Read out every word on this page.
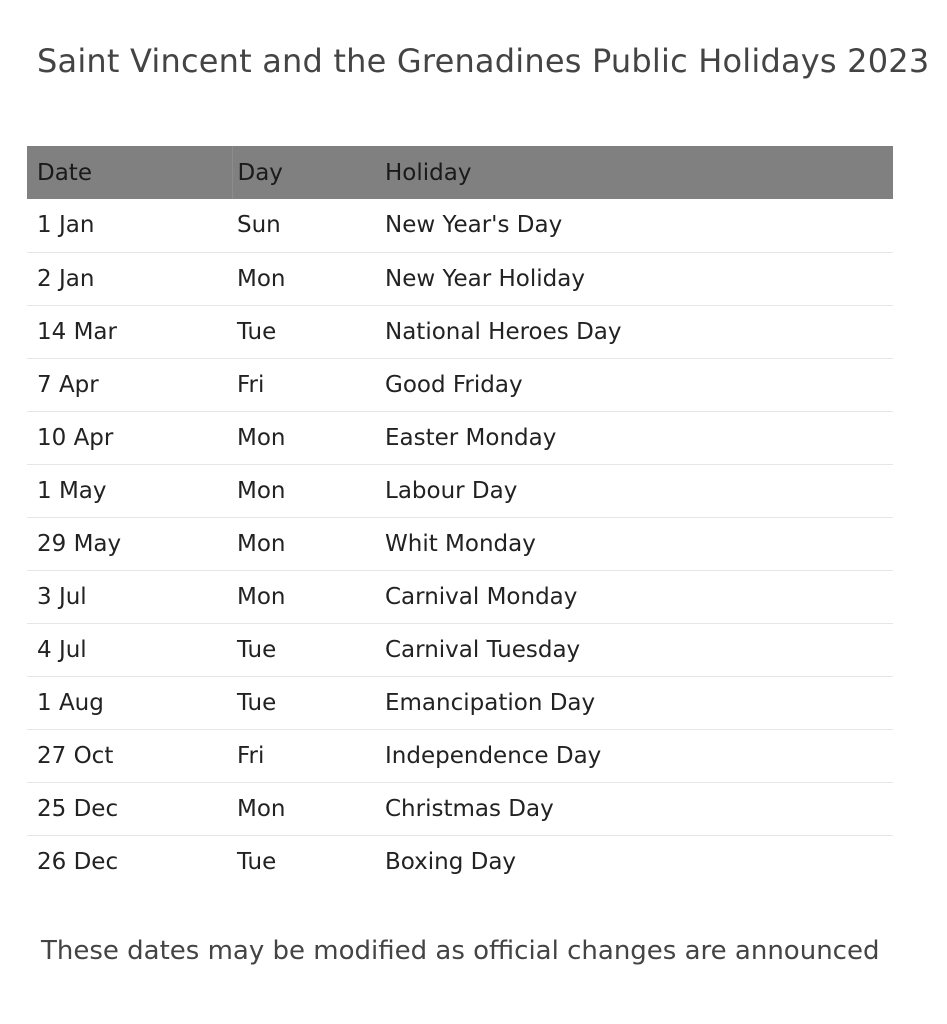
Saint Vincent and the Grenadines Public Holidays 2023
Date	Day	Holiday
1 Jan	Sun	New Year's Day
2 Jan	Mon	New Year Holiday
14 Mar	Tue	National Heroes Day
7 Apr	Fri	Good Friday
10 Apr	Mon	Easter Monday
1 May	Mon	Labour Day
29 May	Mon	Whit Monday
3 Jul	Mon	Carnival Monday
4 Jul	Tue	Carnival Tuesday
1 Aug	Tue	Emancipation Day
27 Oct	Fri	Independence Day
25 Dec	Mon	Christmas Day
26 Dec	Tue	Boxing Day
These dates may be modified as official changes are announced
